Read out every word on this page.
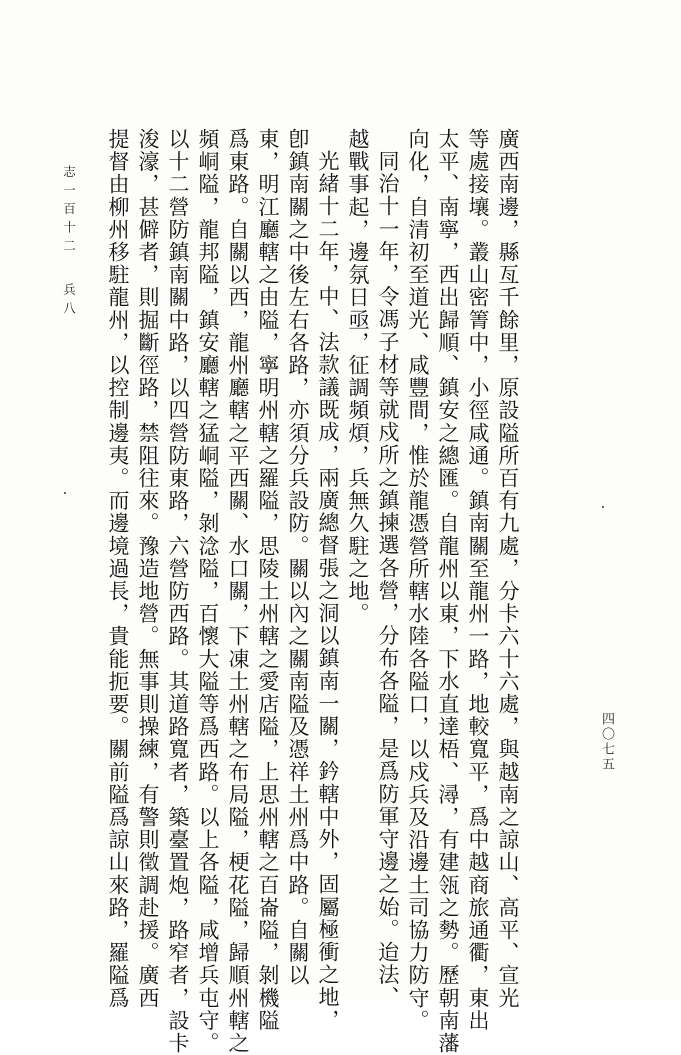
廣西南邊，縣亙千餘里，原設隘所百有九處，分卡六十六處，與越南之諒山、高平、宣光
等處接壤。叢山密箐中，小徑咸通。鎮南關至龍州一路，地較寬平，爲中越商旅通衢，東出
太平、南寧，西出歸順、鎮安之總匯。自龍州以東，下水直達梧、潯，有建瓴之勢。歷朝南藩
向化，自清初至道光、咸豐間，惟於龍憑營所轄水陸各隘口，以戍兵及沿邊土司協力防守。
同治十一年，令馮子材等就戍所之鎮揀選各營，分布各隘，是爲防軍守邊之始。迨法、
越戰事起，邊氛日亟，征調頻煩，兵無久駐之地。
光緒十二年，中、法款議既成，兩廣總督張之洞以鎮南一關，鈐轄中外，固屬極衝之地，
卽鎮南關之中後左右各路，亦須分兵設防。關以內之關南隘及憑祥土州爲中路。自關以
東，明江廳轄之由隘，寧明州轄之羅隘，思陵土州轄之愛店隘，上思州轄之百崙隘，剝機隘
爲東路。自關以西，龍州廳轄之平西關、水口關，下凍土州轄之布局隘，梗花隘，歸順州轄之
頻峒隘，龍邦隘，鎮安廳轄之猛峒隘，剝淰隘，百懷大隘等爲西路。以上各隘，咸增兵屯守。
以十二營防鎮南關中路，以四營防東路，六營防西路。其道路寬者，築臺置炮，路窄者，設卡
浚濠，甚僻者，則掘斷徑路，禁阻往來。豫造地營。無事則操練，有警則徵調赴援。廣西
提督由柳州移駐龍州，以控制邊夷。而邊境過長，貴能扼要。關前隘爲諒山來路，羅隘爲
志一百十二
兵八
四〇七五
